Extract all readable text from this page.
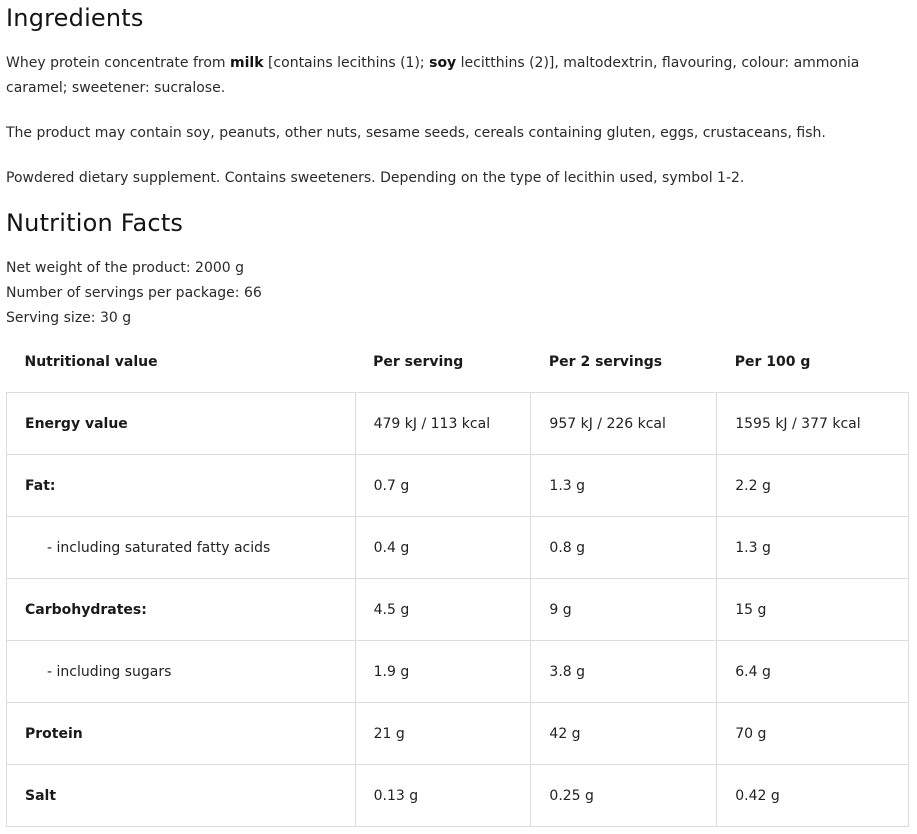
Ingredients
Whey protein concentrate from milk [contains lecithins (1); soy lecitthins (2)], maltodextrin, flavouring, colour: ammonia caramel; sweetener: sucralose.
The product may contain soy, peanuts, other nuts, sesame seeds, cereals containing gluten, eggs, crustaceans, fish.
Powdered dietary supplement. Contains sweeteners. Depending on the type of lecithin used, symbol 1-2.
Nutrition Facts
Net weight of the product: 2000 g
Number of servings per package: 66
Serving size: 30 g
Nutritional value	Per serving	Per 2 servings	Per 100 g
Energy value	479 kJ / 113 kcal	957 kJ / 226 kcal	1595 kJ / 377 kcal
Fat:	0.7 g	1.3 g	2.2 g
- including saturated fatty acids	0.4 g	0.8 g	1.3 g
Carbohydrates:	4.5 g	9 g	15 g
- including sugars	1.9 g	3.8 g	6.4 g
Protein	21 g	42 g	70 g
Salt	0.13 g	0.25 g	0.42 g
